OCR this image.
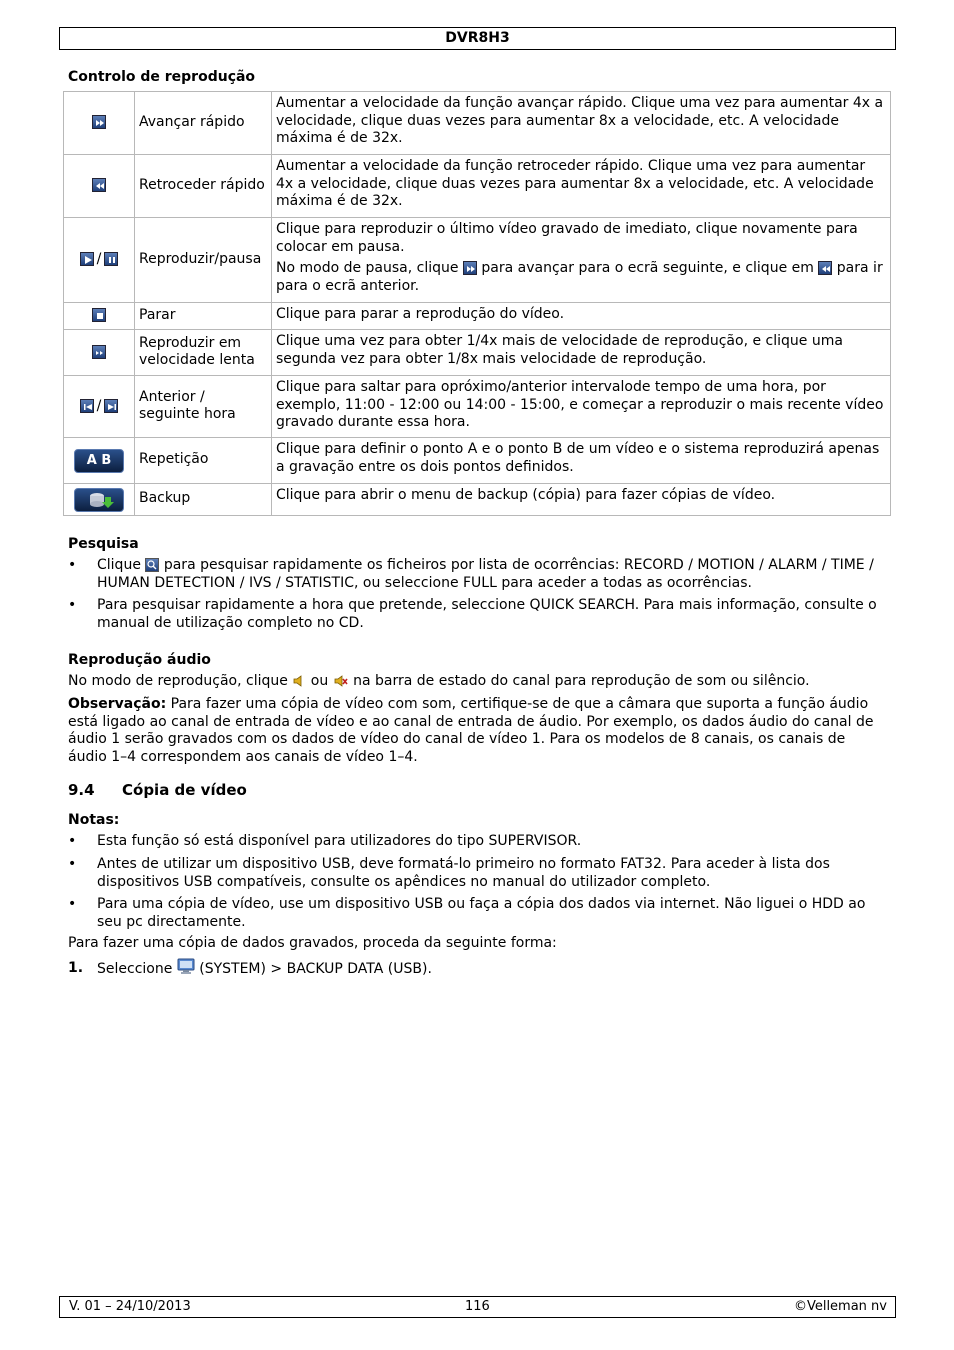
DVR8H3
Controlo de reprodução
	Avançar rápido	Aumentar a velocidade da função avançar rápido. Clique uma vez para aumentar 4x a velocidade, clique duas vezes para aumentar 8x a velocidade, etc. A velocidade máxima é de 32x.

	Retroceder rápido	Aumentar a velocidade da função retroceder rápido. Clique uma vez para aumentar 4x a velocidade, clique duas vezes para aumentar 8x a velocidade, etc. A velocidade máxima é de 32x.

/	Reproduzir/pausa	Clique para reproduzir o último vídeo gravado de imediato, clique novamente para colocar em pausa.
No modo de pausa, clique para avançar para o ecrã seguinte, e clique em para ir para o ecrã anterior.

	Parar	Clique para parar a reprodução do vídeo.

	Reproduzir em velocidade lenta	Clique uma vez para obter 1/4x mais de velocidade de reprodução, e clique uma segunda vez para obter 1/8x mais velocidade de reprodução.

/	Anterior / seguinte hora	Clique para saltar para opróximo/anterior intervalode tempo de uma hora, por exemplo, 11:00 - 12:00 ou 14:00 - 15:00, e começar a reproduzir o mais recente vídeo gravado durante essa hora.
A B	Repetição	Clique para definir o ponto A e o ponto B de um vídeo e o sistema reproduzirá apenas a gravação entre os dois pontos definidos.

	Backup	Clique para abrir o menu de backup (cópia) para fazer cópias de vídeo.
Pesquisa
• Clique para pesquisar rapidamente os ficheiros por lista de ocorrências: RECORD / MOTION / ALARM / TIME / HUMAN DETECTION / IVS / STATISTIC, ou seleccione FULL para aceder a todas as ocorrências.
• Para pesquisar rapidamente a hora que pretende, seleccione QUICK SEARCH. Para mais informação, consulte o manual de utilização completo no CD.
Reprodução áudio
No modo de reprodução, clique ou na barra de estado do canal para reprodução de som ou silêncio.
Observação: Para fazer uma cópia de vídeo com som, certifique-se de que a câmara que suporta a função áudio está ligado ao canal de entrada de vídeo e ao canal de entrada de áudio. Por exemplo, os dados áudio do canal de áudio 1 serão gravados com os dados de vídeo do canal de vídeo 1. Para os modelos de 8 canais, os canais de áudio 1–4 correspondem aos canais de vídeo 1–4.
9.4 Cópia de vídeo
Notas:
• Esta função só está disponível para utilizadores do tipo SUPERVISOR.
• Antes de utilizar um dispositivo USB, deve formatá-lo primeiro no formato FAT32. Para aceder à lista dos dispositivos USB compatíveis, consulte os apêndices no manual do utilizador completo.
• Para uma cópia de vídeo, use um dispositivo USB ou faça a cópia dos dados via internet. Não liguei o HDD ao seu pc directamente.
Para fazer uma cópia de dados gravados, proceda da seguinte forma:
1. Seleccione (SYSTEM) > BACKUP DATA (USB).
V. 01 – 24/10/2013	116	©Velleman nv
